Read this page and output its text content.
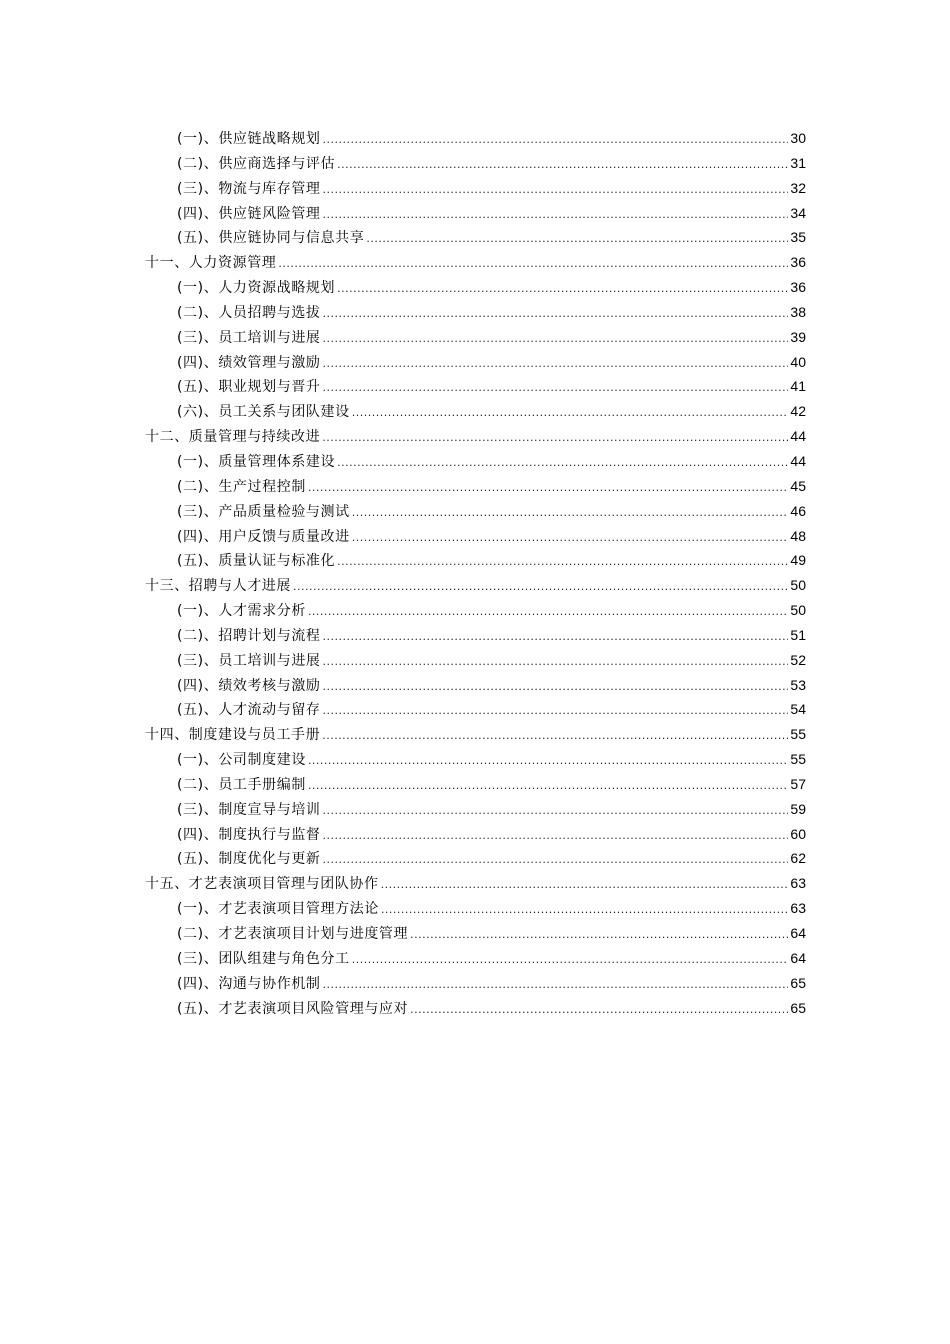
(一)、供应链战略规划 .....	30
(二)、供应商选择与评估 .....	31
(三)、物流与库存管理 .....	32
(四)、供应链风险管理 .....	34
(五)、供应链协同与信息共享 .....	35
十一、人力资源管理 .....	36
(一)、人力资源战略规划 .....	36
(二)、人员招聘与选拔 .....	38
(三)、员工培训与进展 .....	39
(四)、绩效管理与激励 .....	40
(五)、职业规划与晋升 .....	41
(六)、员工关系与团队建设 .....	42
十二、质量管理与持续改进 .....	44
(一)、质量管理体系建设 .....	44
(二)、生产过程控制 .....	45
(三)、产品质量检验与测试 .....	46
(四)、用户反馈与质量改进 .....	48
(五)、质量认证与标准化 .....	49
十三、招聘与人才进展 .....	50
(一)、人才需求分析 .....	50
(二)、招聘计划与流程 .....	51
(三)、员工培训与进展 .....	52
(四)、绩效考核与激励 .....	53
(五)、人才流动与留存 .....	54
十四、制度建设与员工手册 .....	55
(一)、公司制度建设 .....	55
(二)、员工手册编制 .....	57
(三)、制度宣导与培训 .....	59
(四)、制度执行与监督 .....	60
(五)、制度优化与更新 .....	62
十五、才艺表演项目管理与团队协作 .....	63
(一)、才艺表演项目管理方法论 .....	63
(二)、才艺表演项目计划与进度管理 .....	64
(三)、团队组建与角色分工 .....	64
(四)、沟通与协作机制 .....	65
(五)、才艺表演项目风险管理与应对 .....	65
